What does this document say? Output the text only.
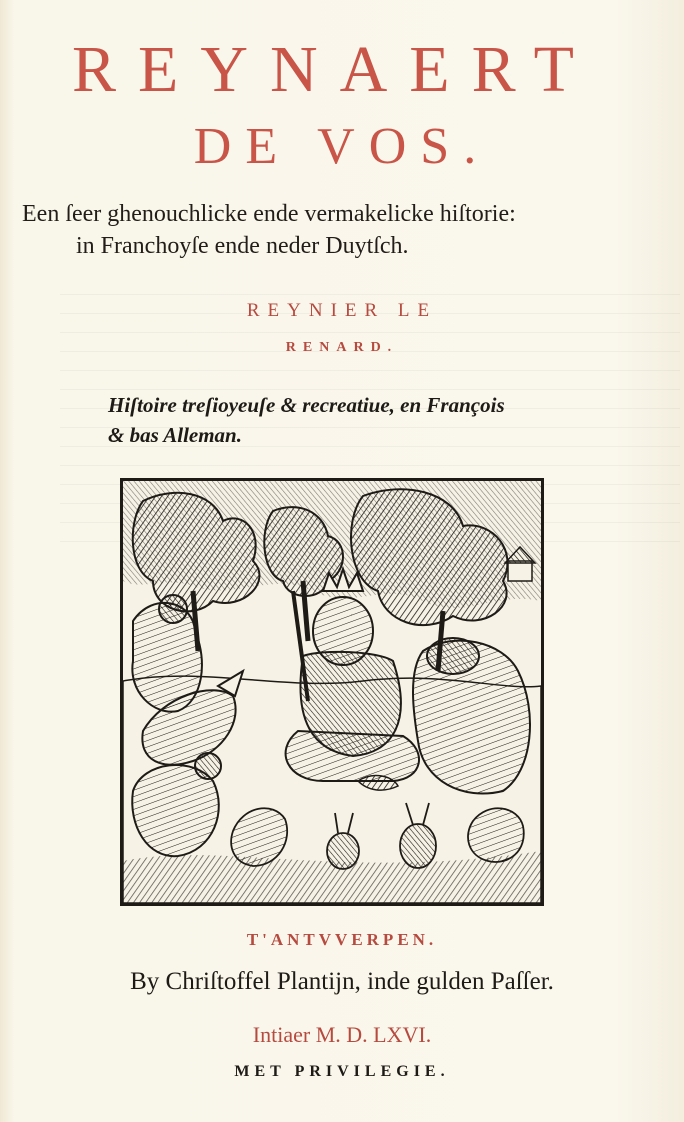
REYNAERT
DE VOS.
Een ſeer ghenouchlicke ende vermakelicke hiſtorie:
in Franchoyſe ende neder Duytſch.
REYNIER LE
RENARD.
Hiſtoire treſioyeuſe & recreatiue, en François
& bas Alleman.
T'ANTVVERPEN.
By Chriſtoffel Plantijn, inde gulden Paſſer.
Intiaer M. D. LXVI.
MET PRIVILEGIE.
